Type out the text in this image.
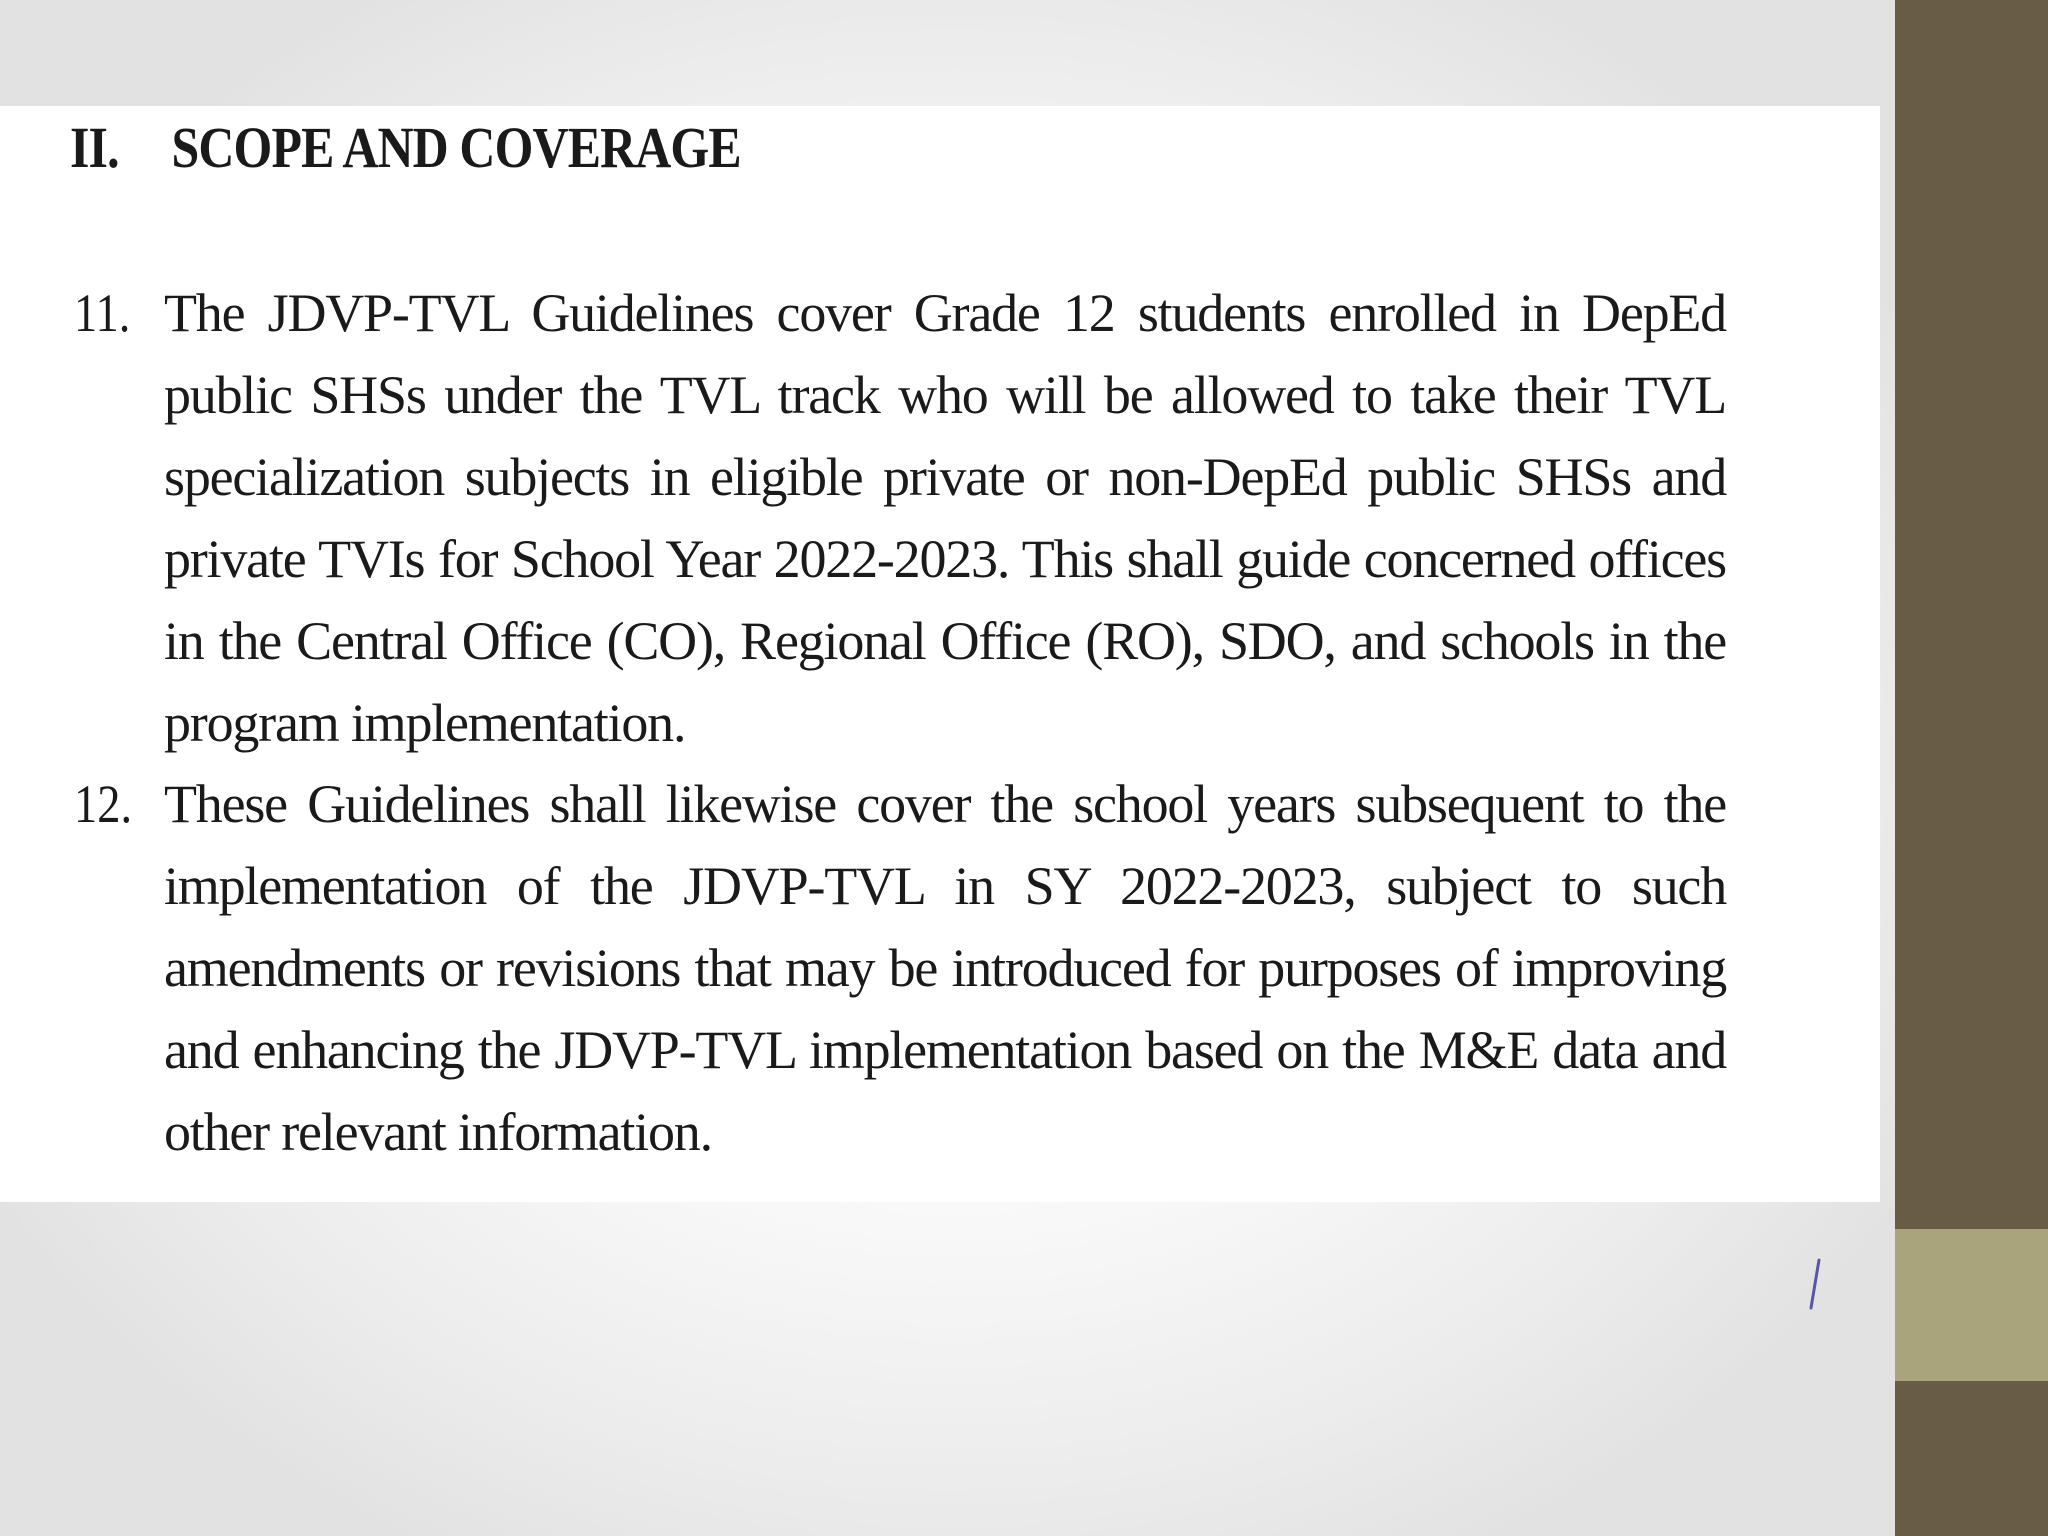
II. SCOPE AND COVERAGE
11. The JDVP-TVL Guidelines cover Grade 12 students enrolled in DepEd public SHSs under the TVL track who will be allowed to take their TVL specialization subjects in eligible private or non-DepEd public SHSs and private TVIs for School Year 2022-2023. This shall guide concerned offices in the Central Office (CO), Regional Office (RO), SDO, and schools in the program implementation.
12. These Guidelines shall likewise cover the school years subsequent to the implementation of the JDVP-TVL in SY 2022-2023, subject to such amendments or revisions that may be introduced for purposes of improving and enhancing the JDVP-TVL implementation based on the M&E data and other relevant information.
